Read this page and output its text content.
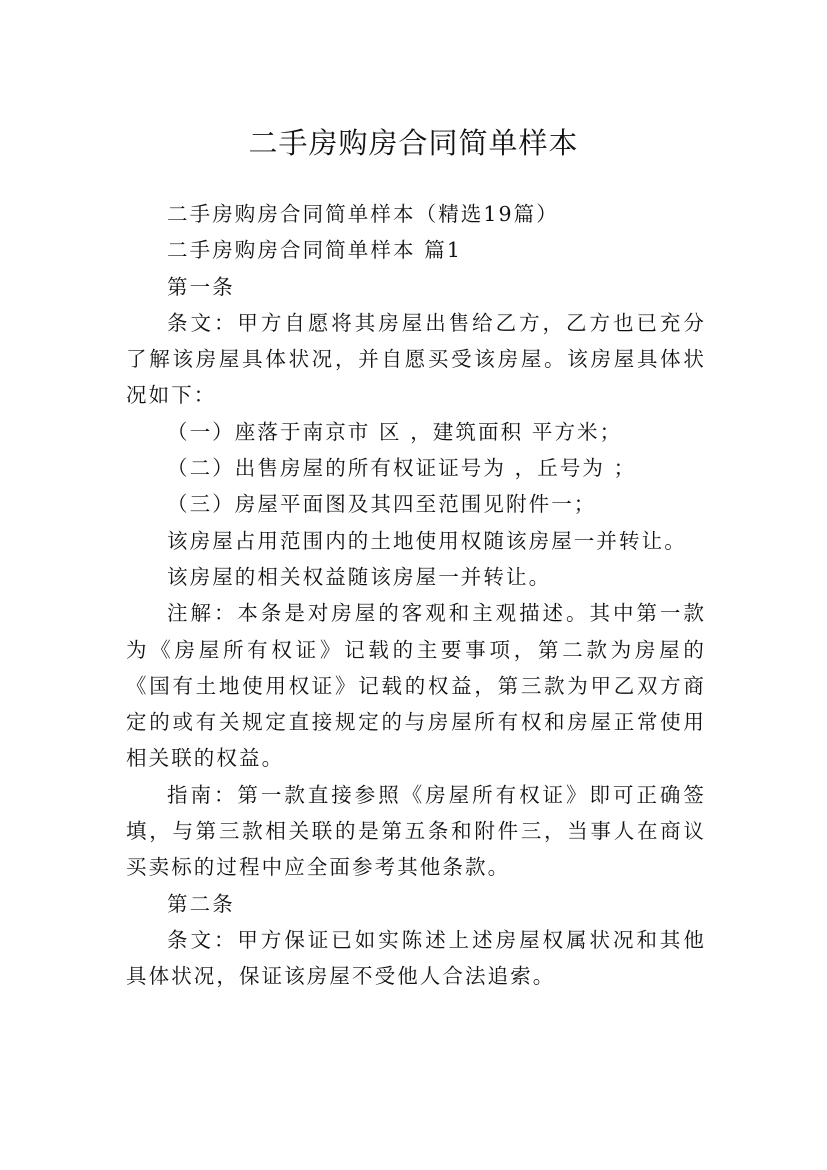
二手房购房合同简单样本

二手房购房合同简单样本（精选19篇）

二手房购房合同简单样本 篇1

第一条

条文：甲方自愿将其房屋出售给乙方，乙方也已充分了解该房屋具体状况，并自愿买受该房屋。该房屋具体状况如下：

（一）座落于南京市 区 ，建筑面积 平方米；

（二）出售房屋的所有权证证号为 ，丘号为 ；

（三）房屋平面图及其四至范围见附件一；

该房屋占用范围内的土地使用权随该房屋一并转让。

该房屋的相关权益随该房屋一并转让。

注解：本条是对房屋的客观和主观描述。其中第一款为《房屋所有权证》记载的主要事项，第二款为房屋的《国有土地使用权证》记载的权益，第三款为甲乙双方商定的或有关规定直接规定的与房屋所有权和房屋正常使用相关联的权益。

指南：第一款直接参照《房屋所有权证》即可正确签填，与第三款相关联的是第五条和附件三，当事人在商议买卖标的过程中应全面参考其他条款。

第二条

条文：甲方保证已如实陈述上述房屋权属状况和其他具体状况，保证该房屋不受他人合法追索。
